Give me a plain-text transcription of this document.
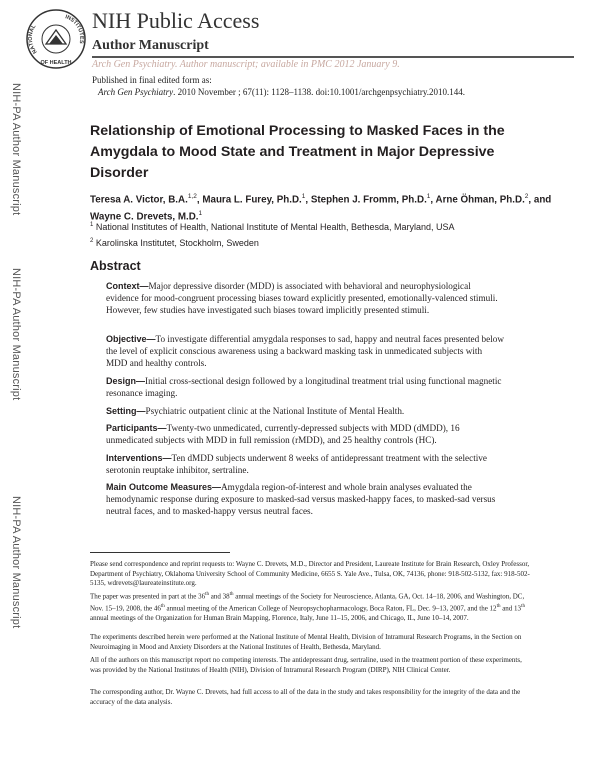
NATIONAL
INSTITUTES
OF HEALTH
NIH Public Access
Author Manuscript
Arch Gen Psychiatry. Author manuscript; available in PMC 2012 January 9.
Published in final edited form as:
Arch Gen Psychiatry. 2010 November ; 67(11): 1128–1138. doi:10.1001/archgenpsychiatry.2010.144.
NIH-PA Author Manuscript
NIH-PA Author Manuscript
NIH-PA Author Manuscript
Relationship of Emotional Processing to Masked Faces in the Amygdala to Mood State and Treatment in Major Depressive Disorder
Teresa A. Victor, B.A.$^{1,2}$, Maura L. Furey, Ph.D.$^1$, Stephen J. Fromm, Ph.D.$^1$, Arne Öhman, Ph.D.$^2$, and Wayne C. Drevets, M.D.$^1$
$^1$ National Institutes of Health, National Institute of Mental Health, Bethesda, Maryland, USA
$^2$ Karolinska Institutet, Stockholm, Sweden
Abstract

Context—Major depressive disorder (MDD) is associated with behavioral and neurophysiological evidence for mood-congruent processing biases toward explicitly presented, emotionally-valenced stimuli. However, few studies have investigated such biases toward implicitly presented stimuli.

Objective—To investigate differential amygdala responses to sad, happy and neutral faces presented below the level of explicit conscious awareness using a backward masking task in unmedicated subjects with MDD and healthy controls.

Design—Initial cross-sectional design followed by a longitudinal treatment trial using functional magnetic resonance imaging.

Setting—Psychiatric outpatient clinic at the National Institute of Mental Health.

Participants—Twenty-two unmedicated, currently-depressed subjects with MDD (dMDD), 16 unmedicated subjects with MDD in full remission (rMDD), and 25 healthy controls (HC).

Interventions—Ten dMDD subjects underwent 8 weeks of antidepressant treatment with the selective serotonin reuptake inhibitor, sertraline.

Main Outcome Measures—Amygdala region-of-interest and whole brain analyses evaluated the hemodynamic response during exposure to masked-sad versus masked-happy faces, to masked-sad versus neutral faces, and to masked-happy versus neutral faces.

Please send correspondence and reprint requests to: Wayne C. Drevets, M.D., Director and President, Laureate Institute for Brain Research, Oxley Professor, Department of Psychiatry, Oklahoma University School of Community Medicine, 6655 S. Yale Ave., Tulsa, OK, 74136, phone: 918-502-5132, fax: 918-502-5135, wdrevets@laureateinstitute.org.

The paper was presented in part at the 36th and 38th annual meetings of the Society for Neuroscience, Atlanta, GA, Oct. 14–18, 2006, and Washington, DC, Nov. 15–19, 2008, the 46th annual meeting of the American College of Neuropsychopharmacology, Boca Raton, FL, Dec. 9–13, 2007, and the 12th and 13th annual meetings of the Organization for Human Brain Mapping, Florence, Italy, June 11–15, 2006, and Chicago, IL, June 10–14, 2007.

The experiments described herein were performed at the National Institute of Mental Health, Division of Intramural Research Programs, in the Section on Neuroimaging in Mood and Anxiety Disorders at the National Institutes of Health, Bethesda, Maryland.

All of the authors on this manuscript report no competing interests. The antidepressant drug, sertraline, used in the treatment portion of these experiments, was provided by the National Institutes of Health (NIH), Division of Intramural Research Program (DIRP), NIH Clinical Center.

The corresponding author, Dr. Wayne C. Drevets, had full access to all of the data in the study and takes responsibility for the integrity of the data and the accuracy of the data analysis.
